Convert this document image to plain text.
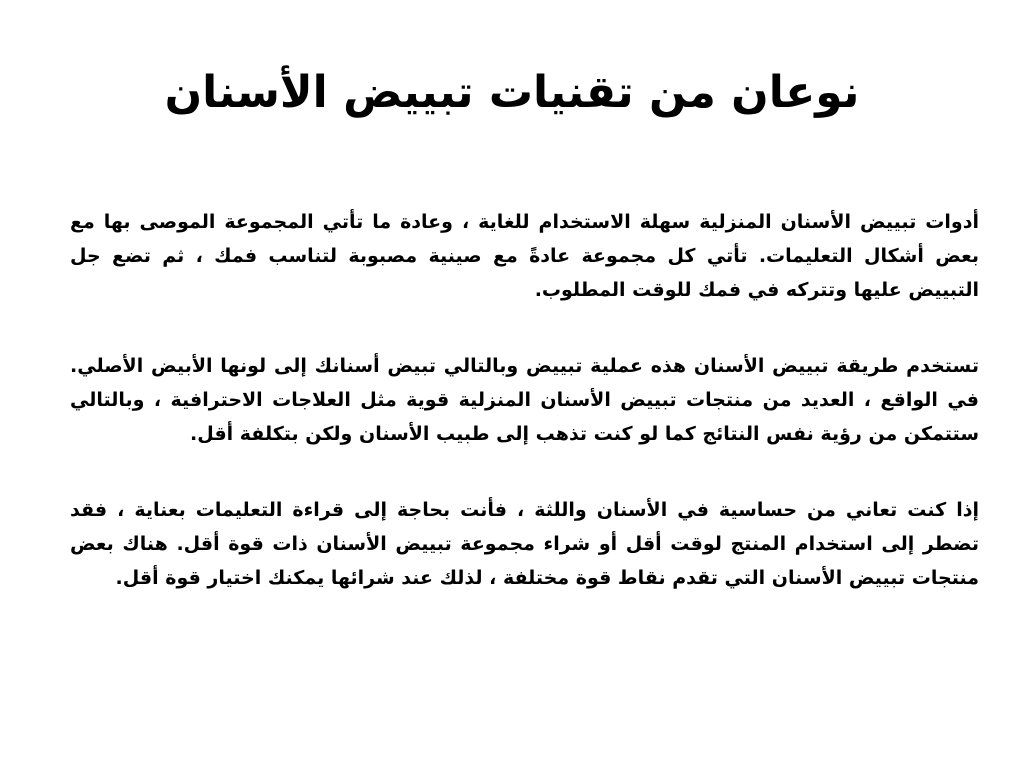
نوعان من تقنيات تبييض الأسنان

أدوات تبييض الأسنان المنزلية سهلة الاستخدام للغاية ، وعادة ما تأتي المجموعة الموصى بها مع بعض أشكال التعليمات. تأتي كل مجموعة عادةً مع صينية مصبوبة لتناسب فمك ، ثم تضع جل التبييض عليها وتتركه في فمك للوقت المطلوب.

تستخدم طريقة تبييض الأسنان هذه عملية تبييض وبالتالي تبيض أسنانك إلى لونها الأبيض الأصلي. في الواقع ، العديد من منتجات تبييض الأسنان المنزلية قوية مثل العلاجات الاحترافية ، وبالتالي ستتمكن من رؤية نفس النتائج كما لو كنت تذهب إلى طبيب الأسنان ولكن بتكلفة أقل.

إذا كنت تعاني من حساسية في الأسنان واللثة ، فأنت بحاجة إلى قراءة التعليمات بعناية ، فقد تضطر إلى استخدام المنتج لوقت أقل أو شراء مجموعة تبييض الأسنان ذات قوة أقل. هناك بعض منتجات تبييض الأسنان التي تقدم نقاط قوة مختلفة ، لذلك عند شرائها يمكنك اختيار قوة أقل.
